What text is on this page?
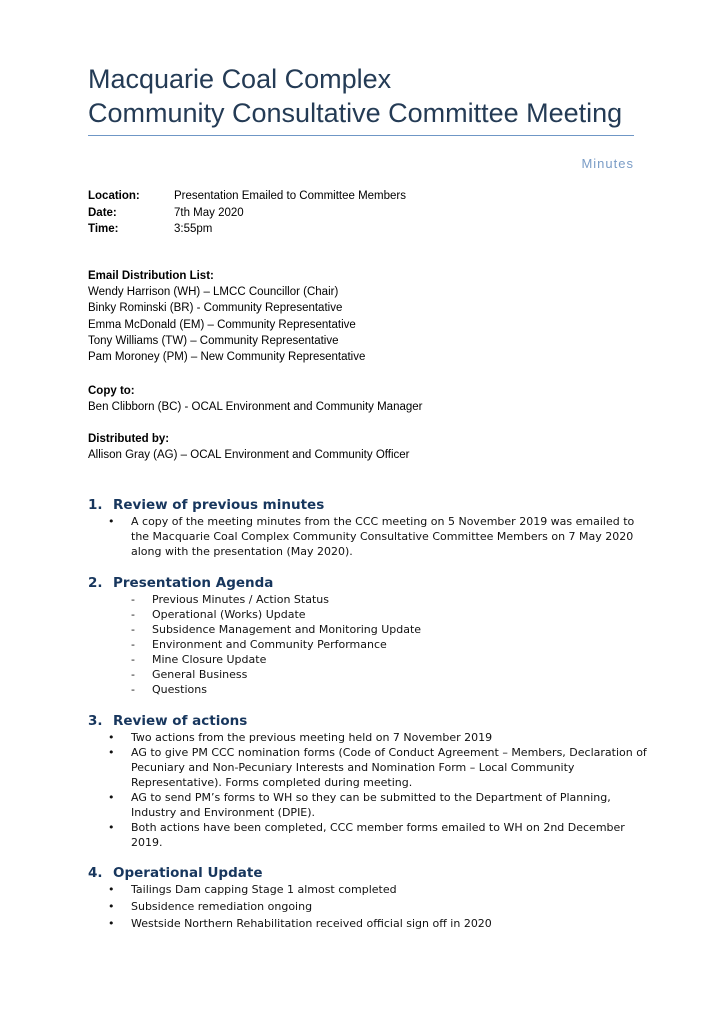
Macquarie Coal Complex
Community Consultative Committee Meeting
Minutes
Location:	Presentation Emailed to Committee Members
Date:	7th May 2020
Time:	3:55pm
Email Distribution List:
Wendy Harrison (WH) – LMCC Councillor (Chair)
Binky Rominski (BR) - Community Representative
Emma McDonald (EM) – Community Representative
Tony Williams (TW) – Community Representative
Pam Moroney (PM) – New Community Representative
Copy to:
Ben Clibborn (BC) - OCAL Environment and Community Manager
Distributed by:
Allison Gray (AG) – OCAL Environment and Community Officer
1. Review of previous minutes
• A copy of the meeting minutes from the CCC meeting on 5 November 2019 was emailed to the Macquarie Coal Complex Community Consultative Committee Members on 7 May 2020 along with the presentation (May 2020).
2. Presentation Agenda
- Previous Minutes / Action Status
- Operational (Works) Update
- Subsidence Management and Monitoring Update
- Environment and Community Performance
- Mine Closure Update
- General Business
- Questions
3. Review of actions
• Two actions from the previous meeting held on 7 November 2019
• AG to give PM CCC nomination forms (Code of Conduct Agreement – Members, Declaration of Pecuniary and Non-Pecuniary Interests and Nomination Form – Local Community Representative). Forms completed during meeting.
• AG to send PM’s forms to WH so they can be submitted to the Department of Planning, Industry and Environment (DPIE).
• Both actions have been completed, CCC member forms emailed to WH on 2nd December 2019.
4. Operational Update
• Tailings Dam capping Stage 1 almost completed
• Subsidence remediation ongoing
• Westside Northern Rehabilitation received official sign off in 2020
